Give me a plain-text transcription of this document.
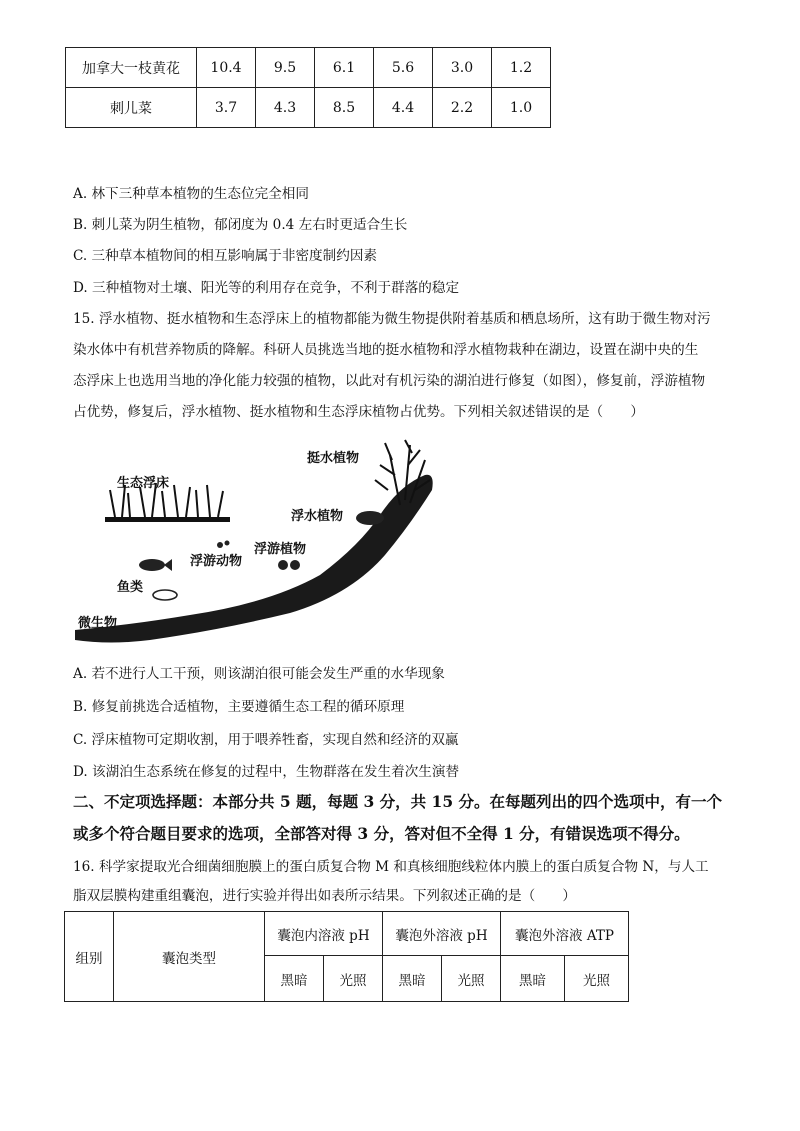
加拿大一枝黄花	10.4	9.5	6.1	5.6	3.0	1.2
刺儿菜	3.7	4.3	8.5	4.4	2.2	1.0
A. 林下三种草本植物的生态位完全相同
B. 刺儿菜为阴生植物，郁闭度为 0.4 左右时更适合生长
C. 三种草本植物间的相互影响属于非密度制约因素
D. 三种植物对土壤、阳光等的利用存在竞争，不利于群落的稳定
15. 浮水植物、挺水植物和生态浮床上的植物都能为微生物提供附着基质和栖息场所，这有助于微生物对污
染水体中有机营养物质的降解。科研人员挑选当地的挺水植物和浮水植物栽种在湖边，设置在湖中央的生
态浮床上也选用当地的净化能力较强的植物，以此对有机污染的湖泊进行修复（如图），修复前，浮游植物
占优势，修复后，浮水植物、挺水植物和生态浮床植物占优势。下列相关叙述错误的是（　　）
挺水植物
生态浮床
浮水植物
浮游植物
浮游动物
鱼类
微生物
A. 若不进行人工干预，则该湖泊很可能会发生严重的水华现象
B. 修复前挑选合适植物，主要遵循生态工程的循环原理
C. 浮床植物可定期收割，用于喂养牲畜，实现自然和经济的双赢
D. 该湖泊生态系统在修复的过程中，生物群落在发生着次生演替
二、不定项选择题：本部分共 5 题，每题 3 分，共 15 分。在每题列出的四个选项中，有一个
或多个符合题目要求的选项，全部答对得 3 分，答对但不全得 1 分，有错误选项不得分。
16. 科学家提取光合细菌细胞膜上的蛋白质复合物 M 和真核细胞线粒体内膜上的蛋白质复合物 N，与人工
脂双层膜构建重组囊泡，进行实验并得出如表所示结果。下列叙述正确的是（　　）
组别	囊泡类型	囊泡内溶液 pH		囊泡外溶液 pH		囊泡外溶液 ATP	
		黑暗	光照	黑暗	光照	黑暗	光照
